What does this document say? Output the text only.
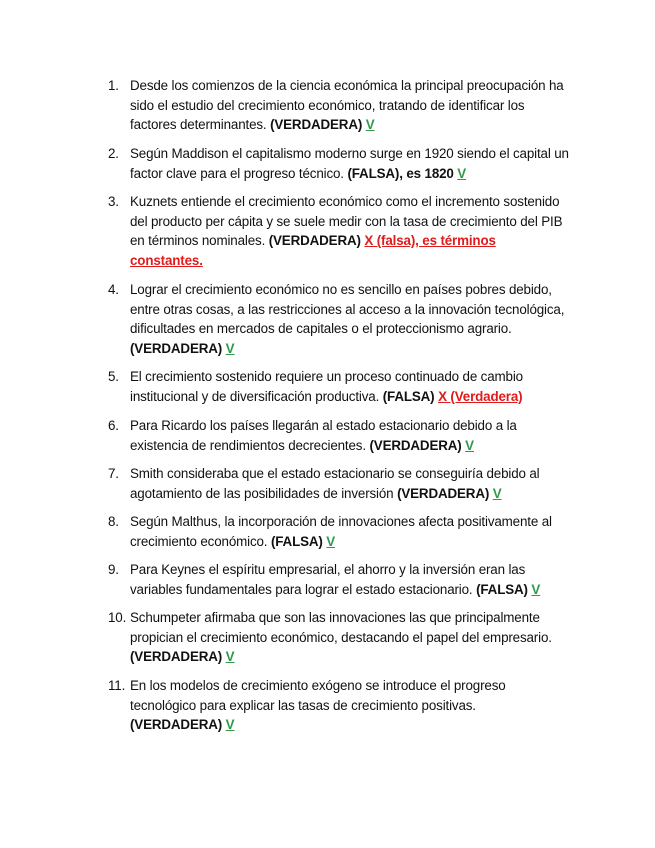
1. Desde los comienzos de la ciencia económica la principal preocupación ha sido el estudio del crecimiento económico, tratando de identificar los factores determinantes. (VERDADERA) V
2. Según Maddison el capitalismo moderno surge en 1920 siendo el capital un factor clave para el progreso técnico. (FALSA), es 1820 V
3. Kuznets entiende el crecimiento económico como el incremento sostenido del producto per cápita y se suele medir con la tasa de crecimiento del PIB en términos nominales. (VERDADERA) X (falsa), es términos constantes.
4. Lograr el crecimiento económico no es sencillo en países pobres debido, entre otras cosas, a las restricciones al acceso a la innovación tecnológica, dificultades en mercados de capitales o el proteccionismo agrario. (VERDADERA) V
5. El crecimiento sostenido requiere un proceso continuado de cambio institucional y de diversificación productiva. (FALSA) X (Verdadera)
6. Para Ricardo los países llegarán al estado estacionario debido a la existencia de rendimientos decrecientes. (VERDADERA) V
7. Smith consideraba que el estado estacionario se conseguiría debido al agotamiento de las posibilidades de inversión (VERDADERA) V
8. Según Malthus, la incorporación de innovaciones afecta positivamente al crecimiento económico. (FALSA) V
9. Para Keynes el espíritu empresarial, el ahorro y la inversión eran las variables fundamentales para lograr el estado estacionario. (FALSA) V
10. Schumpeter afirmaba que son las innovaciones las que principalmente propician el crecimiento económico, destacando el papel del empresario. (VERDADERA) V
11. En los modelos de crecimiento exógeno se introduce el progreso tecnológico para explicar las tasas de crecimiento positivas. (VERDADERA) V
